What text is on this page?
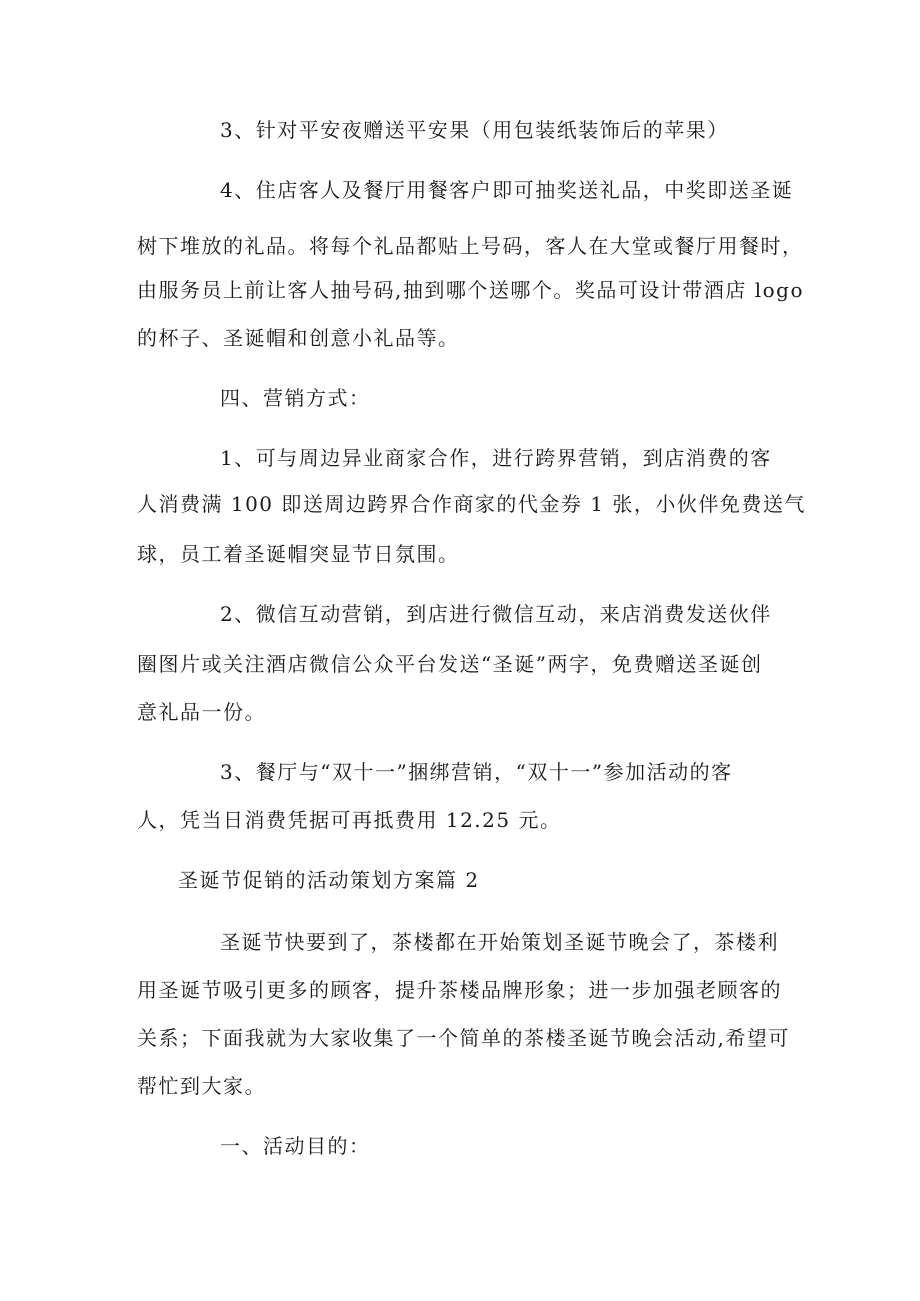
3、针对平安夜赠送平安果（用包装纸装饰后的苹果）

4、住店客人及餐厅用餐客户即可抽奖送礼品，中奖即送圣诞

树下堆放的礼品。将每个礼品都贴上号码，客人在大堂或餐厅用餐时，

由服务员上前让客人抽号码,抽到哪个送哪个。奖品可设计带酒店 logo

的杯子、圣诞帽和创意小礼品等。

四、营销方式：

1、可与周边异业商家合作，进行跨界营销，到店消费的客

人消费满 100 即送周边跨界合作商家的代金券 1 张，小伙伴免费送气

球，员工着圣诞帽突显节日氛围。

2、微信互动营销，到店进行微信互动，来店消费发送伙伴

圈图片或关注酒店微信公众平台发送“圣诞”两字，免费赠送圣诞创

意礼品一份。

3、餐厅与“双十一”捆绑营销，“双十一”参加活动的客

人，凭当日消费凭据可再抵费用 12.25 元。

圣诞节促销的活动策划方案篇 2

圣诞节快要到了，茶楼都在开始策划圣诞节晚会了，茶楼利

用圣诞节吸引更多的顾客，提升茶楼品牌形象；进一步加强老顾客的

关系；下面我就为大家收集了一个简单的茶楼圣诞节晚会活动,希望可

帮忙到大家。

一、活动目的：
